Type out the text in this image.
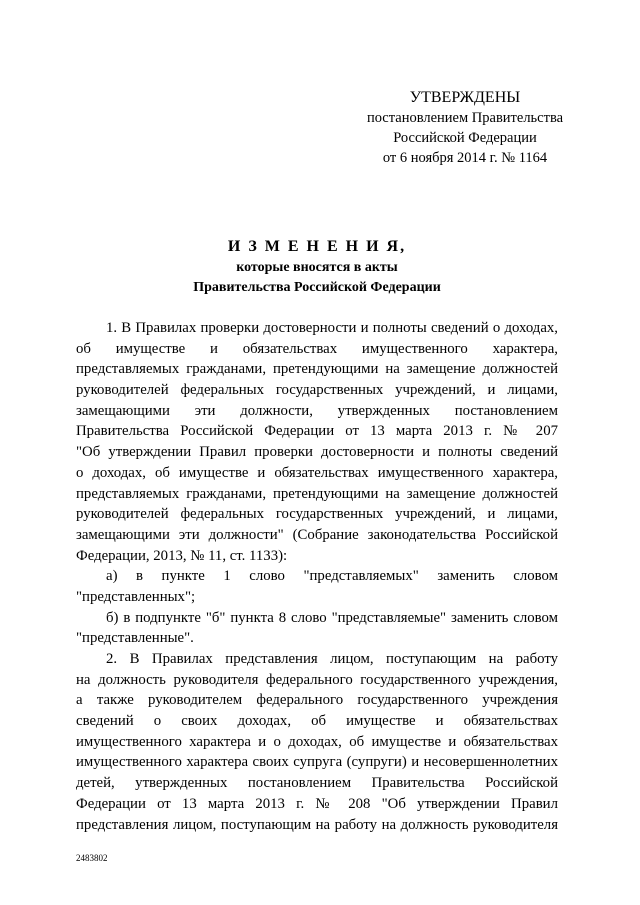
УТВЕРЖДЕНЫ
постановлением Правительства
Российской Федерации
от 6 ноября 2014 г. № 1164
И З М Е Н Е Н И Я,
которые вносятся в акты
Правительства Российской Федерации
1. В Правилах проверки достоверности и полноты сведений о доходах,
об имуществе и обязательствах имущественного характера,
представляемых гражданами, претендующими на замещение должностей
руководителей федеральных государственных учреждений, и лицами,
замещающими эти должности, утвержденных постановлением
Правительства Российской Федерации от 13 марта 2013 г. № 207
"Об утверждении Правил проверки достоверности и полноты сведений
о доходах, об имуществе и обязательствах имущественного характера,
представляемых гражданами, претендующими на замещение должностей
руководителей федеральных государственных учреждений, и лицами,
замещающими эти должности" (Собрание законодательства Российской
Федерации, 2013, № 11, ст. 1133):
а) в пункте 1 слово "представляемых" заменить словом
"представленных";
б) в подпункте "б" пункта 8 слово "представляемые" заменить словом
"представленные".
2. В Правилах представления лицом, поступающим на работу
на должность руководителя федерального государственного учреждения,
а также руководителем федерального государственного учреждения
сведений о своих доходах, об имуществе и обязательствах
имущественного характера и о доходах, об имуществе и обязательствах
имущественного характера своих супруга (супруги) и несовершеннолетних
детей, утвержденных постановлением Правительства Российской
Федерации от 13 марта 2013 г. № 208 "Об утверждении Правил
представления лицом, поступающим на работу на должность руководителя
2483802
